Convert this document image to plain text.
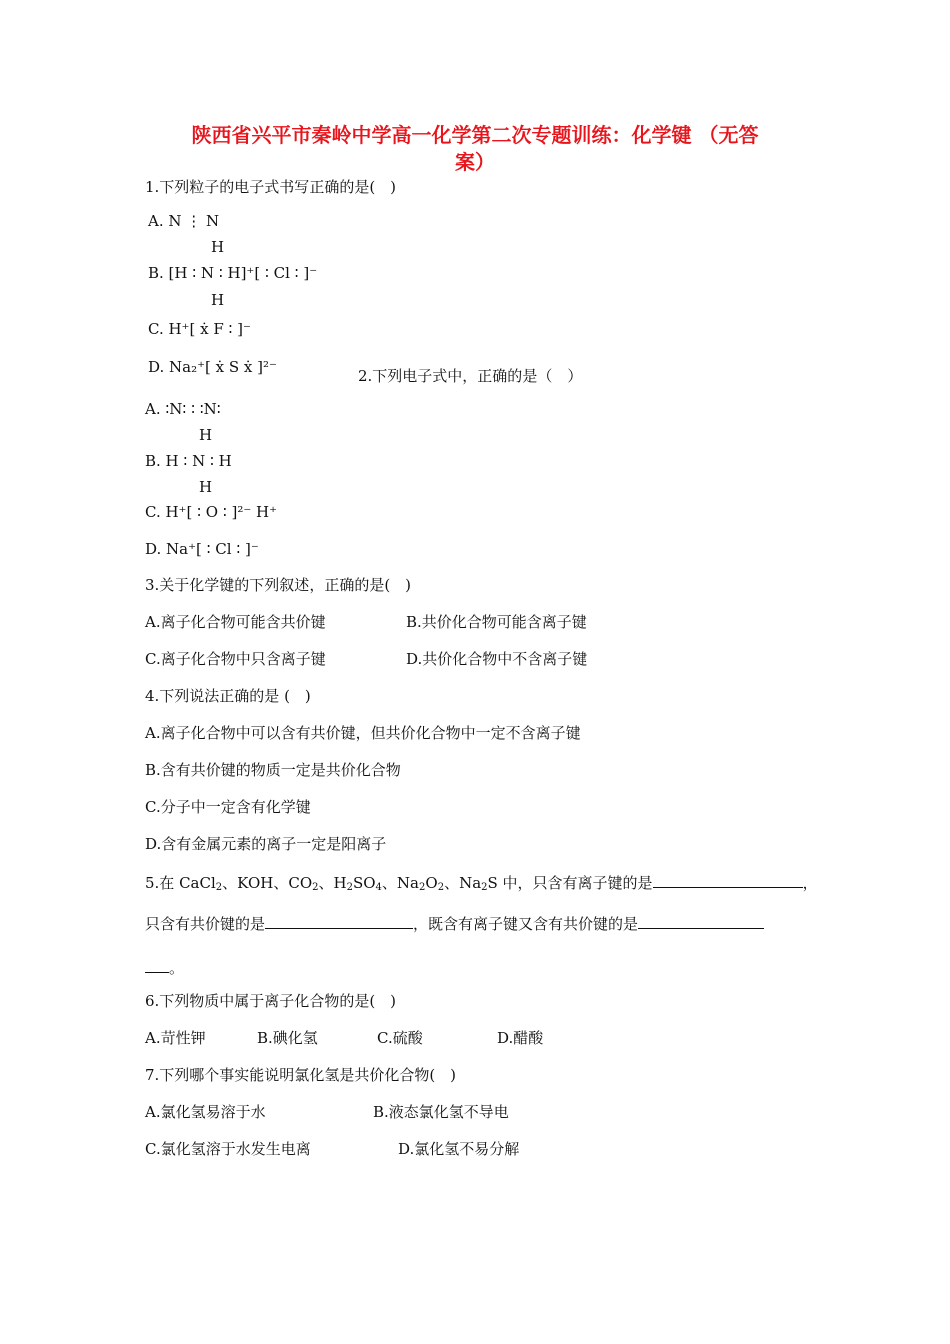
陕西省兴平市秦岭中学高一化学第二次专题训练：化学键 （无答
案）
1.下列粒子的电子式书写正确的是(　)
A. N ⋮ N
H
B. [H ∶ N ∶ H]⁺[ ∶ Cl ∶ ]⁻
H
C. H⁺[ ẋ F ∶ ]⁻
D. Na₂⁺[ ẋ S ẋ ]²⁻	2.下列电子式中，正确的是（　）
A. ∶N∶ ∶ ∶N∶
H
B. H ∶ N ∶ H
H
C. H⁺[ ∶ O ∶ ]²⁻ H⁺
D. Na⁺[ ∶ Cl ∶ ]⁻
3.关于化学键的下列叙述，正确的是(　)
A.离子化合物可能含共价键	B.共价化合物可能含离子键
C.离子化合物中只含离子键	D.共价化合物中不含离子键
4.下列说法正确的是 (　)
A.离子化合物中可以含有共价键，但共价化合物中一定不含离子键
B.含有共价键的物质一定是共价化合物
C.分子中一定含有化学键
D.含有金属元素的离子一定是阳离子
5.在 CaCl$_2$、KOH、$CO_2$、$H_2SO_4$、$Na_2O_2$、$Na_2S$ 中，只含有离子键的是	，
只含有共价键的是	，既含有离子键又含有共价键的是
。
6.下列物质中属于离子化合物的是(　)
A.苛性钾	B.碘化氢	C.硫酸	D.醋酸
7.下列哪个事实能说明氯化氢是共价化合物(　)
A.氯化氢易溶于水	B.液态氯化氢不导电
C.氯化氢溶于水发生电离	D.氯化氢不易分解
